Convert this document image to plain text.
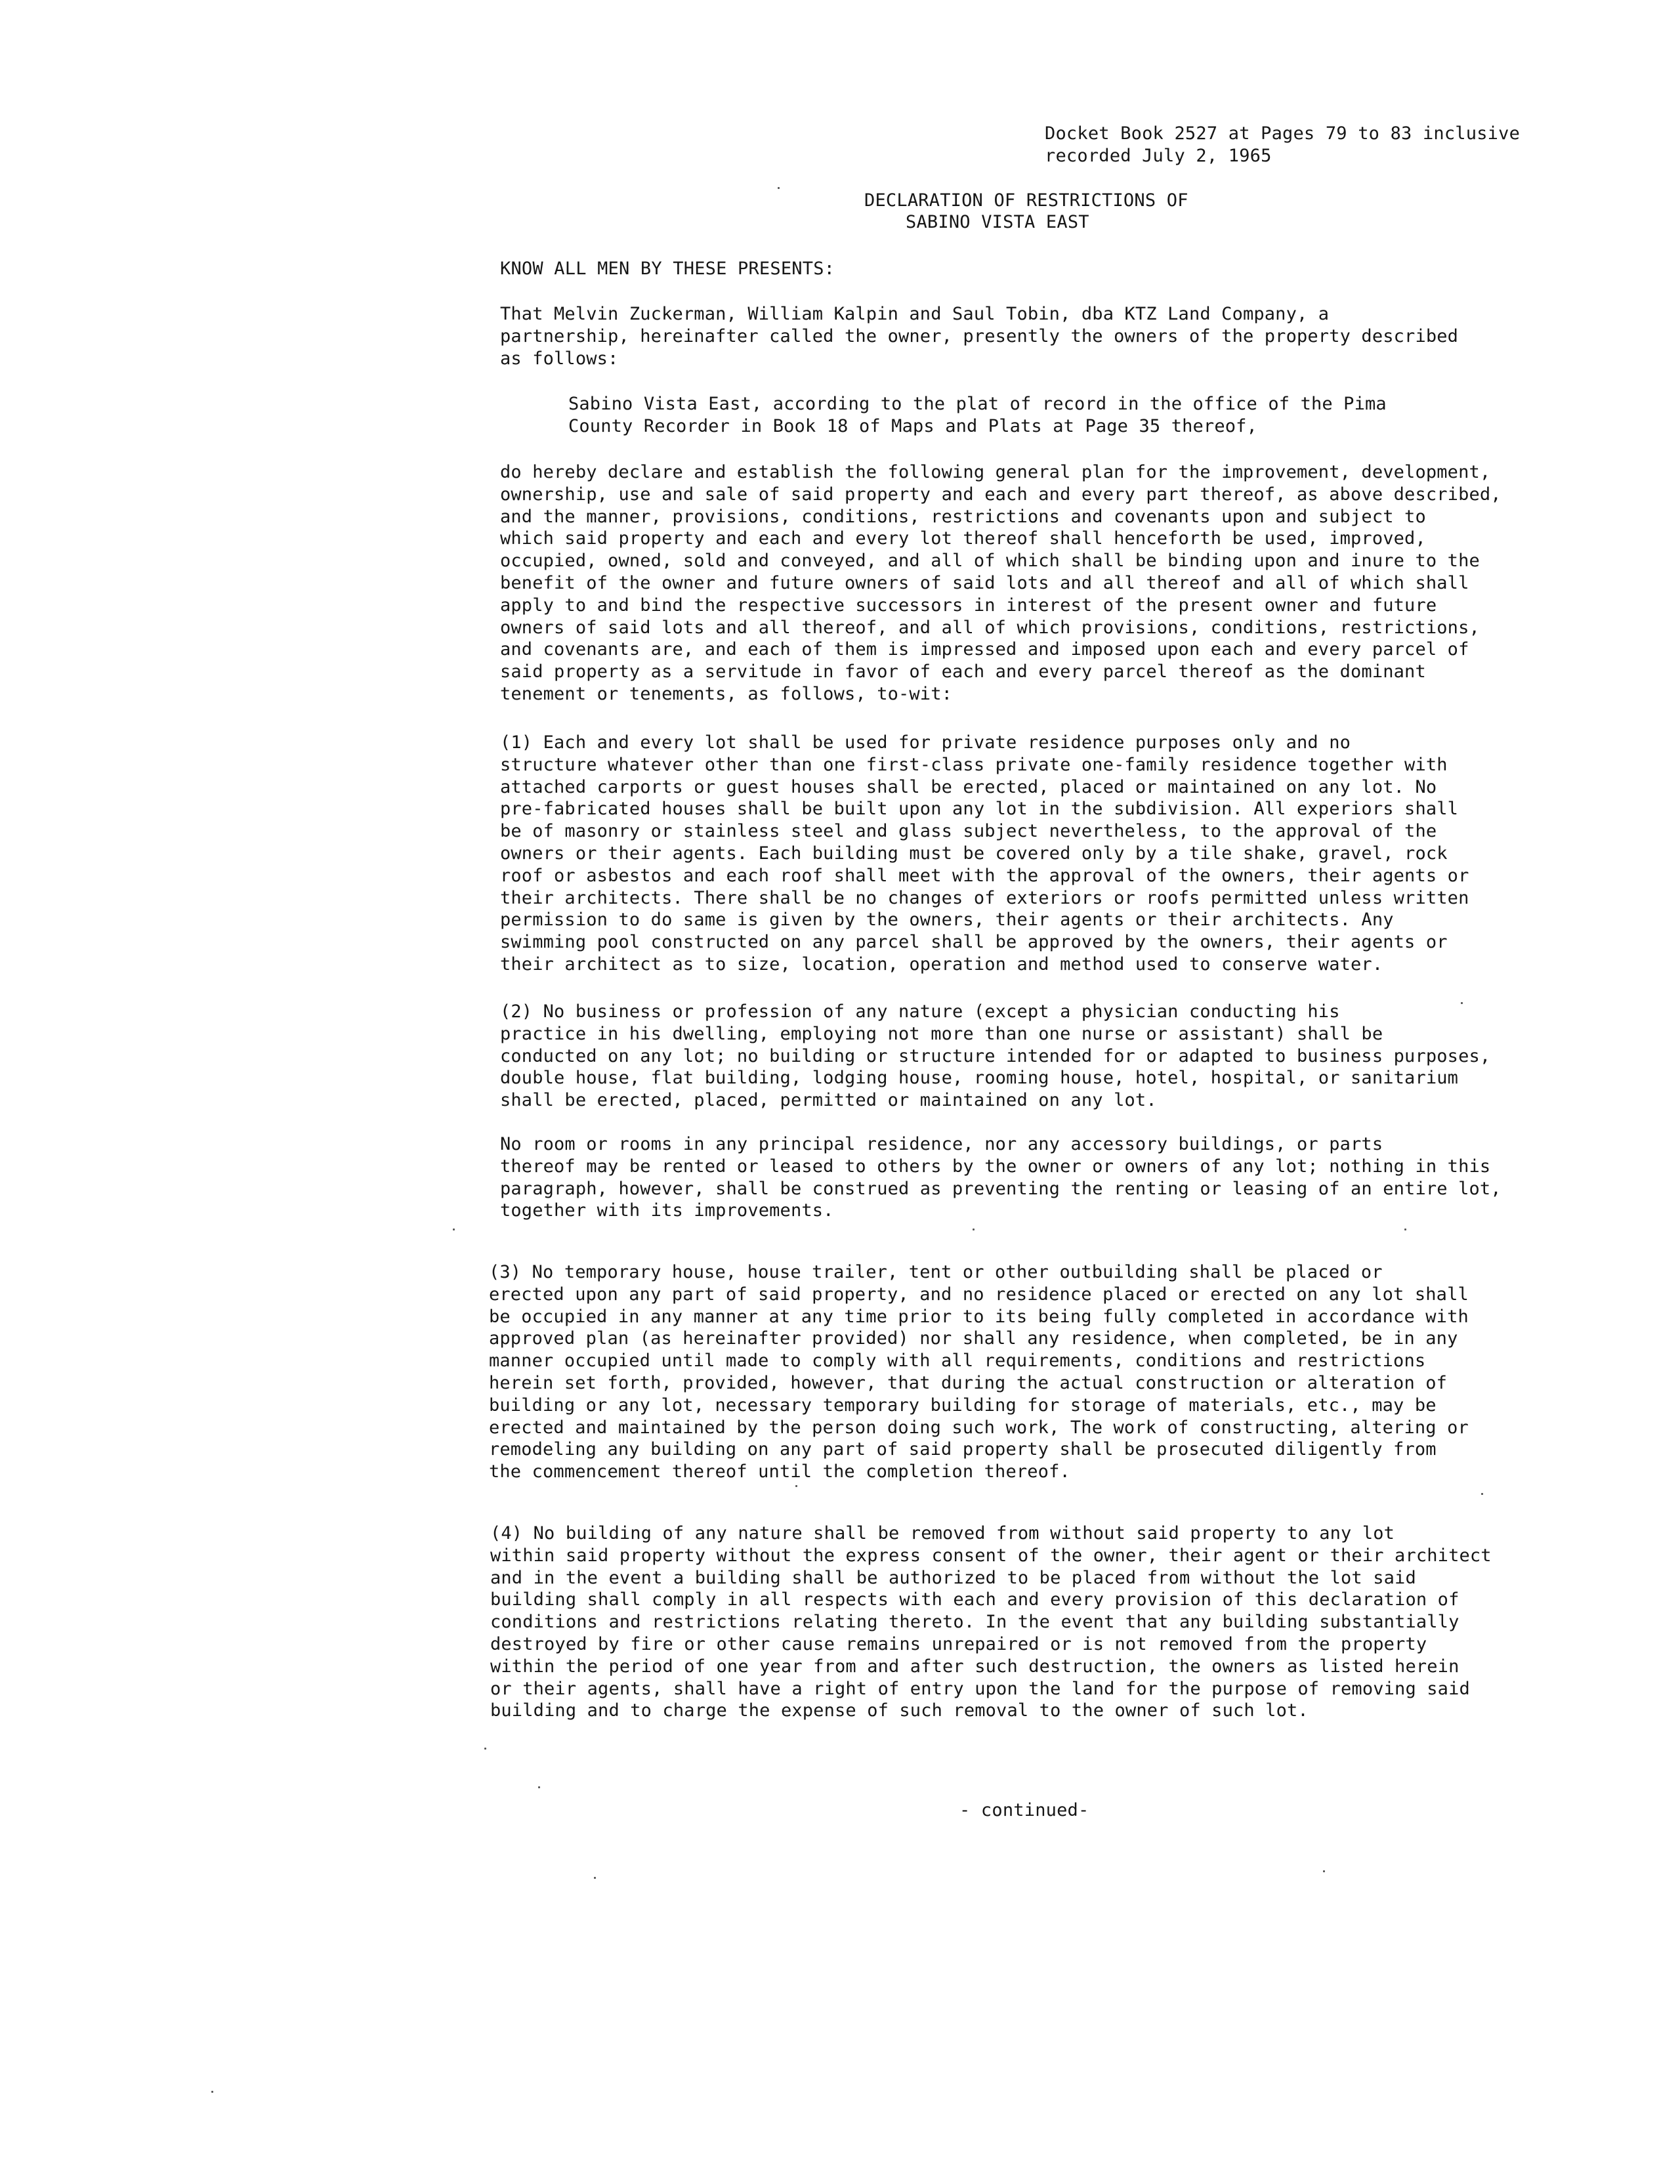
Docket Book 2527 at Pages 79 to 83 inclusive
recorded July 2, 1965
DECLARATION OF RESTRICTIONS OF
SABINO VISTA EAST
KNOW ALL MEN BY THESE PRESENTS:
That Melvin Zuckerman, William Kalpin and Saul Tobin, dba KTZ Land Company, a
partnership, hereinafter called the owner, presently the owners of the property described
as follows:
Sabino Vista East, according to the plat of record in the office of the Pima
County Recorder in Book 18 of Maps and Plats at Page 35 thereof,
do hereby declare and establish the following general plan for the improvement, development,
ownership, use and sale of said property and each and every part thereof, as above described,
and the manner, provisions, conditions, restrictions and covenants upon and subject to
which said property and each and every lot thereof shall henceforth be used, improved,
occupied, owned, sold and conveyed, and all of which shall be binding upon and inure to the
benefit of the owner and future owners of said lots and all thereof and all of which shall
apply to and bind the respective successors in interest of the present owner and future
owners of said lots and all thereof, and all of which provisions, conditions, restrictions,
and covenants are, and each of them is impressed and imposed upon each and every parcel of
said property as a servitude in favor of each and every parcel thereof as the dominant
tenement or tenements, as follows, to-wit:
(1) Each and every lot shall be used for private residence purposes only and no
structure whatever other than one first-class private one-family residence together with
attached carports or guest houses shall be erected, placed or maintained on any lot. No
pre-fabricated houses shall be built upon any lot in the subdivision. All experiors shall
be of masonry or stainless steel and glass subject nevertheless, to the approval of the
owners or their agents. Each building must be covered only by a tile shake, gravel, rock
roof or asbestos and each roof shall meet with the approval of the owners, their agents or
their architects. There shall be no changes of exteriors or roofs permitted unless written
permission to do same is given by the owners, their agents or their architects. Any
swimming pool constructed on any parcel shall be approved by the owners, their agents or
their architect as to size, location, operation and method used to conserve water.
(2) No business or profession of any nature (except a physician conducting his
practice in his dwelling, employing not more than one nurse or assistant) shall be
conducted on any lot; no building or structure intended for or adapted to business purposes,
double house, flat building, lodging house, rooming house, hotel, hospital, or sanitarium
shall be erected, placed, permitted or maintained on any lot.
No room or rooms in any principal residence, nor any accessory buildings, or parts
thereof may be rented or leased to others by the owner or owners of any lot; nothing in this
paragraph, however, shall be construed as preventing the renting or leasing of an entire lot,
together with its improvements.
(3) No temporary house, house trailer, tent or other outbuilding shall be placed or
erected upon any part of said property, and no residence placed or erected on any lot shall
be occupied in any manner at any time prior to its being fully completed in accordance with
approved plan (as hereinafter provided) nor shall any residence, when completed, be in any
manner occupied until made to comply with all requirements, conditions and restrictions
herein set forth, provided, however, that during the actual construction or alteration of
building or any lot, necessary temporary building for storage of materials, etc., may be
erected and maintained by the person doing such work, The work of constructing, altering or
remodeling any building on any part of said property shall be prosecuted diligently from
the commencement thereof until the completion thereof.
(4) No building of any nature shall be removed from without said property to any lot
within said property without the express consent of the owner, their agent or their architect
and in the event a building shall be authorized to be placed from without the lot said
building shall comply in all respects with each and every provision of this declaration of
conditions and restrictions relating thereto. In the event that any building substantially
destroyed by fire or other cause remains unrepaired or is not removed from the property
within the period of one year from and after such destruction, the owners as listed herein
or their agents, shall have a right of entry upon the land for the purpose of removing said
building and to charge the expense of such removal to the owner of such lot.
- continued-
